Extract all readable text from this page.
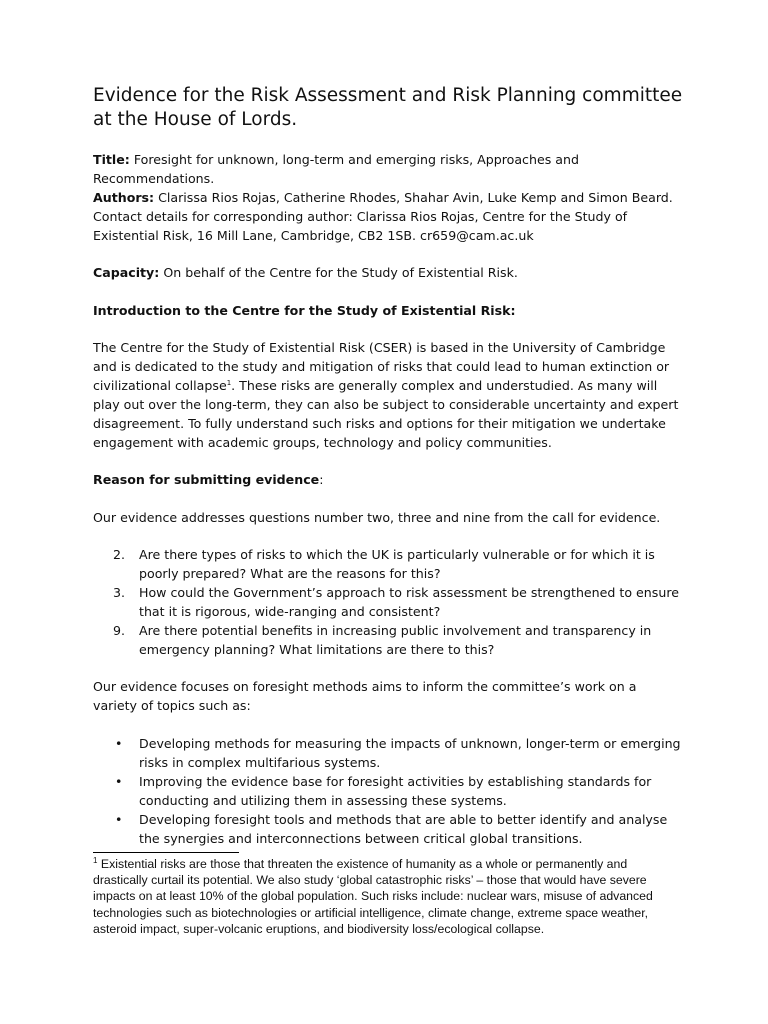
Evidence for the Risk Assessment and Risk Planning committee at the House of Lords.

Title: Foresight for unknown, long-term and emerging risks, Approaches and Recommendations.

Authors: Clarissa Rios Rojas, Catherine Rhodes, Shahar Avin, Luke Kemp and Simon Beard. Contact details for corresponding author: Clarissa Rios Rojas, Centre for the Study of Existential Risk, 16 Mill Lane, Cambridge, CB2 1SB. cr659@cam.ac.uk

Capacity: On behalf of the Centre for the Study of Existential Risk.

Introduction to the Centre for the Study of Existential Risk:

The Centre for the Study of Existential Risk (CSER) is based in the University of Cambridge and is dedicated to the study and mitigation of risks that could lead to human extinction or civilizational collapse$^1$. These risks are generally complex and understudied. As many will play out over the long-term, they can also be subject to considerable uncertainty and expert disagreement. To fully understand such risks and options for their mitigation we undertake engagement with academic groups, technology and policy communities.

Reason for submitting evidence:

Our evidence addresses questions number two, three and nine from the call for evidence.

2. Are there types of risks to which the UK is particularly vulnerable or for which it is poorly prepared? What are the reasons for this?
3. How could the Government’s approach to risk assessment be strengthened to ensure that it is rigorous, wide-ranging and consistent?
9. Are there potential benefits in increasing public involvement and transparency in emergency planning? What limitations are there to this?

Our evidence focuses on foresight methods aims to inform the committee’s work on a variety of topics such as:

• Developing methods for measuring the impacts of unknown, longer-term or emerging risks in complex multifarious systems.
• Improving the evidence base for foresight activities by establishing standards for conducting and utilizing them in assessing these systems.
• Developing foresight tools and methods that are able to better identify and analyse the synergies and interconnections between critical global transitions.

$^1$ Existential risks are those that threaten the existence of humanity as a whole or permanently and drastically curtail its potential. We also study ‘global catastrophic risks’ – those that would have severe impacts on at least 10% of the global population. Such risks include: nuclear wars, misuse of advanced technologies such as biotechnologies or artificial intelligence, climate change, extreme space weather, asteroid impact, super-volcanic eruptions, and biodiversity loss/ecological collapse.
